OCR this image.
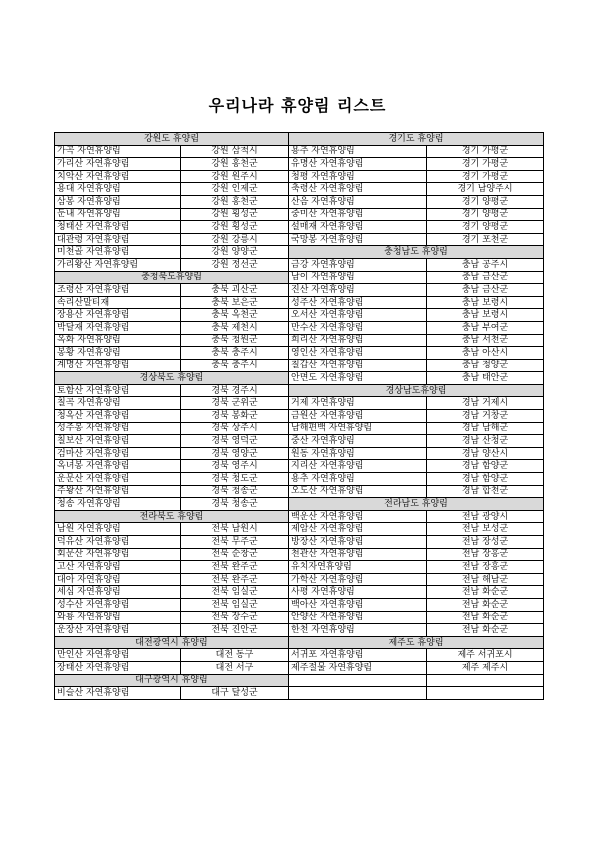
우리나라 휴양림 리스트
강원도 휴양림		경기도 휴양림	
가곡 자연휴양림	강원 삼척시	용추 자연휴양림	경기 가평군
가리산 자연휴양림	강원 홍천군	유명산 자연휴양림	경기 가평군
치악산 자연휴양림	강원 원주시	청평 자연휴양림	경기 가평군
용대 자연휴양림	강원 인제군	축령산 자연휴양림	경기 남양주시
삼봉 자연휴양림	강원 홍천군	산음 자연휴양림	경기 양평군
둔내 자연휴양림	강원 횡성군	중미산 자연휴양림	경기 양평군
청태산 자연휴양림	강원 횡성군	설매재 자연휴양림	경기 양평군
대관령 자연휴양림	강원 강릉시	국망봉 자연휴양림	경기 포천군
미천골 자연휴양림	강원 양양군	충청남도 휴양림	
가리왕산 자연휴양림	강원 정선군	금강 자연휴양림	충남 공주시
충청북도휴양림		남이 자연휴양림	충남 금산군
조령산 자연휴양림	충북 괴산군	진산 자연휴양림	충남 금산군
속리산말티재	충북 보은군	성주산 자연휴양림	충남 보령시
장용산 자연휴양림	충북 옥천군	오서산 자연휴양림	충남 보령시
박달재 자연휴양림	충북 제천시	만수산 자연휴양림	충남 부여군
옥화 자연휴양림	충북 청원군	희리산 자연휴양림	충남 서천군
봉황 자연휴양림	충북 충주시	영인산 자연휴양림	충남 아산시
계명산 자연휴양림	충북 충주시	칠갑산 자연휴양림	충남 청양군
경상북도 휴양림		안면도 자연휴양림	충남 태안군
토함산 자연휴양림	경북 경주시	경상남도휴양림	
칠곡 자연휴양림	경북 군위군	거제 자연휴양림	경남 거제시
청옥산 자연휴양림	경북 봉화군	금원산 자연휴양림	경남 거창군
성주봉 자연휴양림	경북 상주시	남해편백 자연휴양림	경남 남해군
칠보산 자연휴양림	경북 영덕군	중산 자연휴양림	경남 산청군
검마산 자연휴양림	경북 영양군	원동 자연휴양림	경남 양산시
옥녀봉 자연휴양림	경북 영주시	지리산 자연휴양림	경남 함양군
운문산 자연휴양림	경북 청도군	용추 자연휴양림	경남 함양군
주왕산 자연휴양림	경북 청송군	오도산 자연휴양림	경남 합천군
청송 자연휴양림	경북 청송군	전라남도 휴양림	
전라북도 휴양림		백운산 자연휴양림	전남 광양시
남원 자연휴양림	전북 남원시	제암산 자연휴양림	전남 보성군
덕유산 자연휴양림	전북 무주군	방장산 자연휴양림	전남 장성군
회문산 자연휴양림	전북 순창군	천관산 자연휴양림	전남 장흥군
고산 자연휴양림	전북 완주군	유치자연휴양림	전남 장흥군
대아 자연휴양림	전북 완주군	가학산 자연휴양림	전남 해남군
세심 자연휴양림	전북 임실군	사평 자연휴양림	전남 화순군
성수산 자연휴양림	전북 임실군	백아산 자연휴양림	전남 화순군
와룡 자연휴양림	전북 장수군	안양산 자연휴양림	전남 화순군
운장산 자연휴양림	전북 진안군	한천 자연휴양림	전남 화순군
대전광역시 휴양림		제주도 휴양림	
만인산 자연휴양림	대전 동구	서귀포 자연휴양림	제주 서귀포시
장태산 자연휴양림	대전 서구	제주절물 자연휴양림	제주 제주시
대구광역시 휴양림			
비슬산 자연휴양림	대구 달성군		
